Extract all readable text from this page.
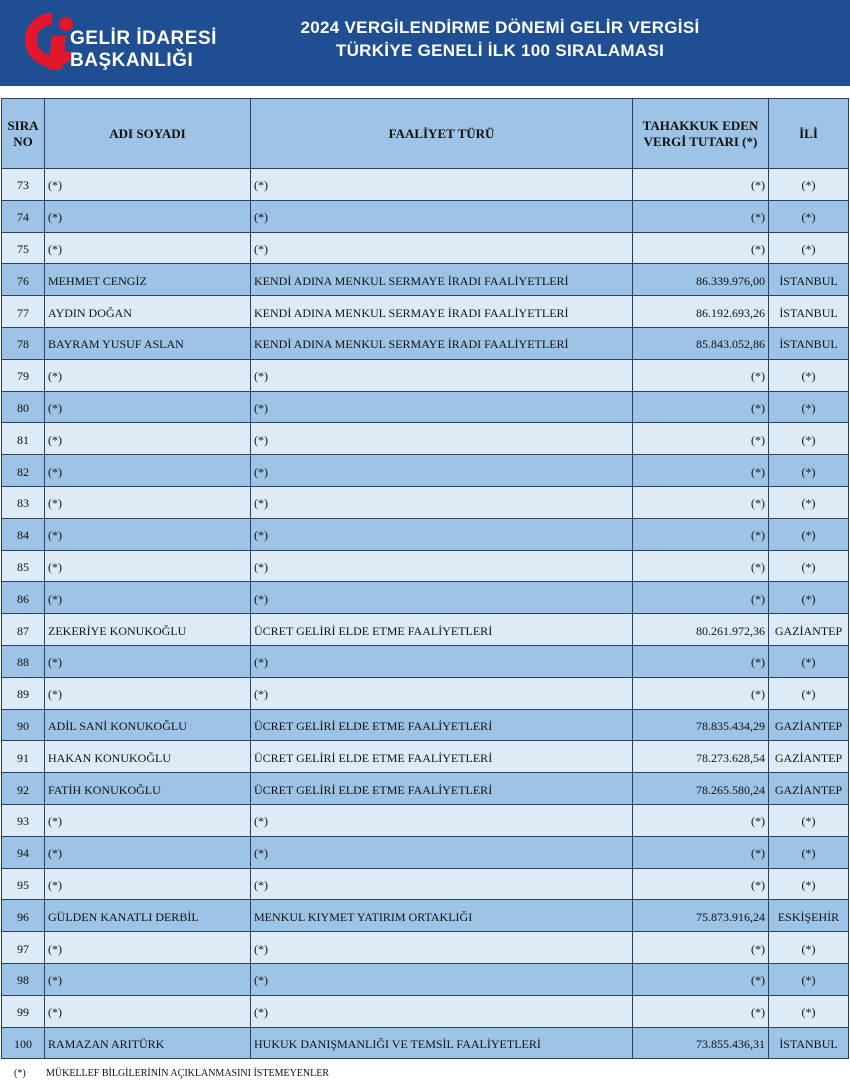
GELİR İDARESİ
BAŞKANLIĞI
2024 VERGİLENDİRME DÖNEMİ GELİR VERGİSİ
TÜRKİYE GENELİ İLK 100 SIRALAMASI
SIRA NO	ADI SOYADI	FAALİYET TÜRÜ	TAHAKKUK EDEN VERGİ TUTARI (*)	İLİ
73	(*)	(*)	(*)	(*)
74	(*)	(*)	(*)	(*)
75	(*)	(*)	(*)	(*)
76	MEHMET CENGİZ	KENDİ ADINA MENKUL SERMAYE İRADI FAALİYETLERİ	86.339.976,00	İSTANBUL
77	AYDIN DOĞAN	KENDİ ADINA MENKUL SERMAYE İRADI FAALİYETLERİ	86.192.693,26	İSTANBUL
78	BAYRAM YUSUF ASLAN	KENDİ ADINA MENKUL SERMAYE İRADI FAALİYETLERİ	85.843.052,86	İSTANBUL
79	(*)	(*)	(*)	(*)
80	(*)	(*)	(*)	(*)
81	(*)	(*)	(*)	(*)
82	(*)	(*)	(*)	(*)
83	(*)	(*)	(*)	(*)
84	(*)	(*)	(*)	(*)
85	(*)	(*)	(*)	(*)
86	(*)	(*)	(*)	(*)
87	ZEKERİYE KONUKOĞLU	ÜCRET GELİRİ ELDE ETME FAALİYETLERİ	80.261.972,36	GAZİANTEP
88	(*)	(*)	(*)	(*)
89	(*)	(*)	(*)	(*)
90	ADİL SANİ KONUKOĞLU	ÜCRET GELİRİ ELDE ETME FAALİYETLERİ	78.835.434,29	GAZİANTEP
91	HAKAN KONUKOĞLU	ÜCRET GELİRİ ELDE ETME FAALİYETLERİ	78.273.628,54	GAZİANTEP
92	FATİH KONUKOĞLU	ÜCRET GELİRİ ELDE ETME FAALİYETLERİ	78.265.580,24	GAZİANTEP
93	(*)	(*)	(*)	(*)
94	(*)	(*)	(*)	(*)
95	(*)	(*)	(*)	(*)
96	GÜLDEN KANATLI DERBİL	MENKUL KIYMET YATIRIM ORTAKLIĞI	75.873.916,24	ESKİŞEHİR
97	(*)	(*)	(*)	(*)
98	(*)	(*)	(*)	(*)
99	(*)	(*)	(*)	(*)
100	RAMAZAN ARITÜRK	HUKUK DANIŞMANLIĞI VE TEMSİL FAALİYETLERİ	73.855.436,31	İSTANBUL
(*) MÜKELLEF BİLGİLERİNİN AÇIKLANMASINI İSTEMEYENLER
